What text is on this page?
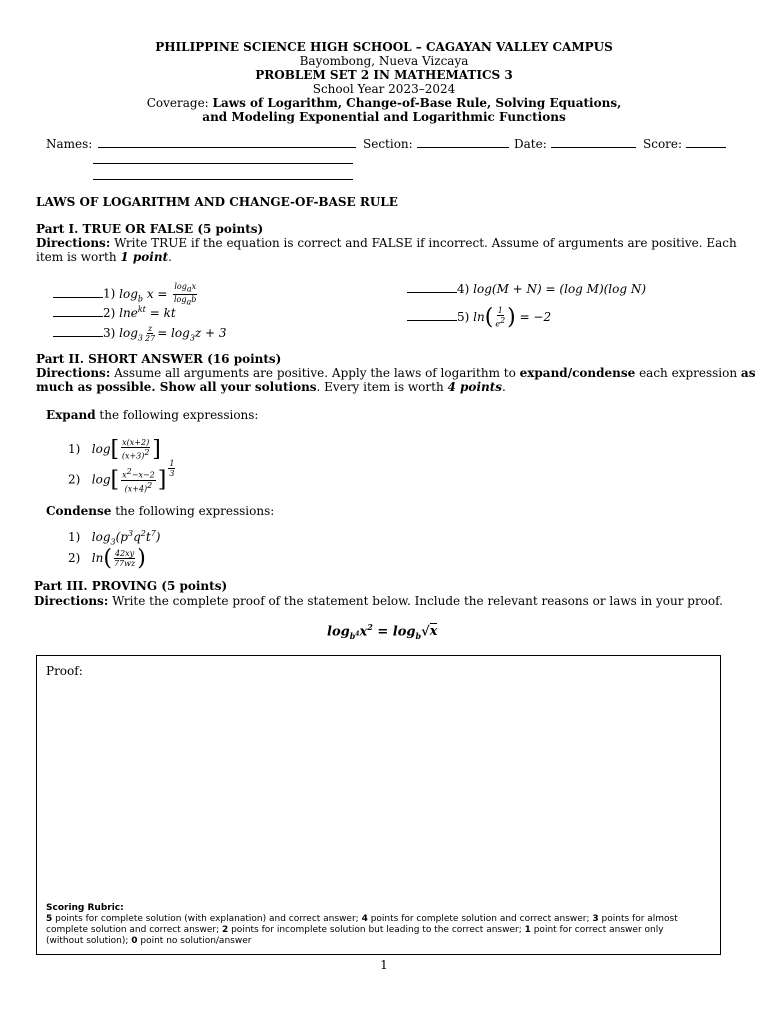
PHILIPPINE SCIENCE HIGH SCHOOL – CAGAYAN VALLEY CAMPUS
Bayombong, Nueva Vizcaya
PROBLEM SET 2 IN MATHEMATICS 3
School Year 2023–2024
Coverage: Laws of Logarithm, Change-of-Base Rule, Solving Equations,
and Modeling Exponential and Logarithmic Functions
Names:	Section:	Date:	Score:
LAWS OF LOGARITHM AND CHANGE-OF-BASE RULE
Part I. TRUE OR FALSE (5 points)
Directions: Write TRUE if the equation is correct and FALSE if incorrect. Assume of arguments are positive. Each
item is worth 1 point.
1) $\log_b x = \frac{\log_ax}{\log_ab}$
2) lne$^{kt}$ = kt
3) $\log_3 \frac{z}{27} = \log_3z + 3$
4) log(M + N) = (log M)(log N)
5) $\ln( \frac{1}{e^2}$ ) = −2
Part II. SHORT ANSWER (16 points)
Directions: Assume all arguments are positive. Apply the laws of logarithm to expand/condense each expression as
much as possible. Show all your solutions. Every item is worth 4 points.
Expand the following expressions:
1) $\log[ \frac{x(x+2)}{(x+3)^2}$ ]
2) $\log[ \frac{x^2-x-2}{(x+4)^2}$ ] $^{\frac{1}{3}}$
Condense the following expressions:
1) $\log_3(p^3q^2t^7)$
2) $\ln( \frac{42xy}{77wz}$ )
Part III. PROVING (5 points)
Directions: Write the complete proof of the statement below. Include the relevant reasons or laws in your proof.
$\log_{b^4}x^2 = \log_b√x$
Proof:
Scoring Rubric:
5 points for complete solution (with explanation) and correct answer; 4 points for complete solution and correct answer; 3 points for almost
complete solution and correct answer; 2 points for incomplete solution but leading to the correct answer; 1 point for correct answer only
(without solution); 0 point no solution/answer
1
